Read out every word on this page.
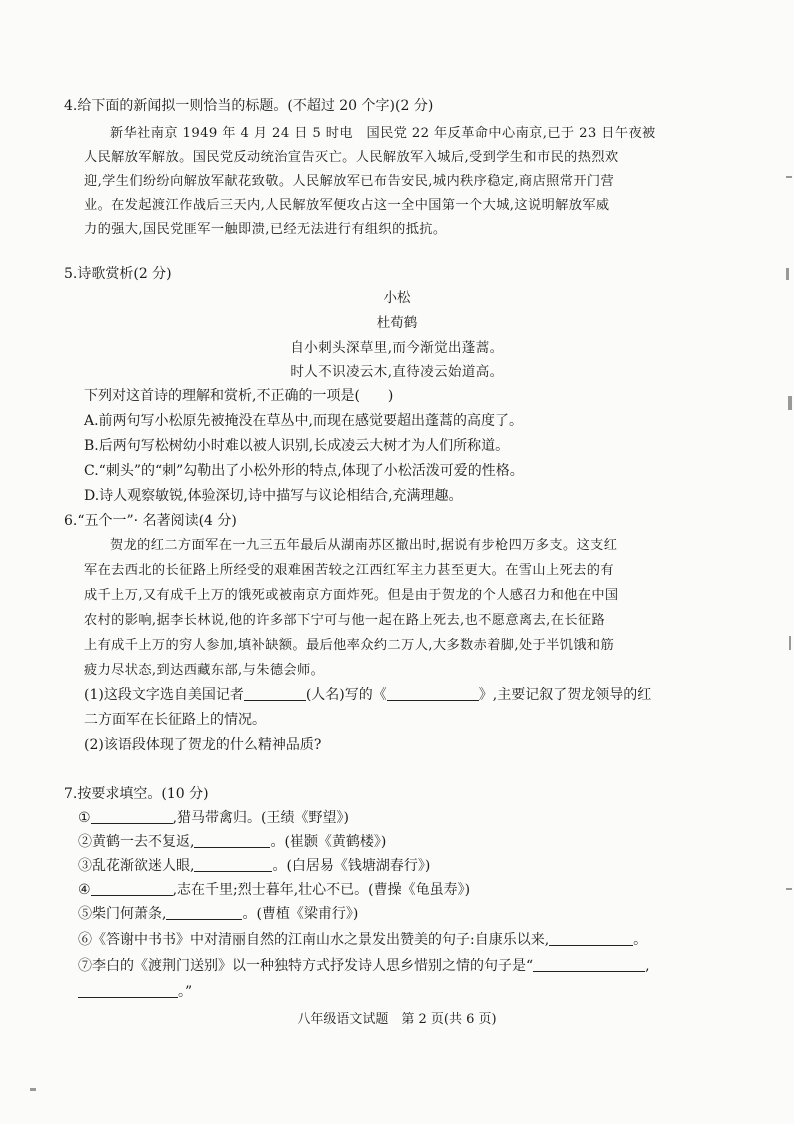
4.给下面的新闻拟一则恰当的标题。(不超过 20 个字)(2 分)
新华社南京 1949 年 4 月 24 日 5 时电　国民党 22 年反革命中心南京,已于 23 日午夜被
人民解放军解放。国民党反动统治宣告灭亡。人民解放军入城后,受到学生和市民的热烈欢
迎,学生们纷纷向解放军献花致敬。人民解放军已布告安民,城内秩序稳定,商店照常开门营
业。在发起渡江作战后三天内,人民解放军便攻占这一全中国第一个大城,这说明解放军威
力的强大,国民党匪军一触即溃,已经无法进行有组织的抵抗。
5.诗歌赏析(2 分)
小松
杜荀鹤
自小刺头深草里,而今渐觉出蓬蒿。
时人不识凌云木,直待凌云始道高。
下列对这首诗的理解和赏析,不正确的一项是(　　)
A.前两句写小松原先被掩没在草丛中,而现在感觉要超出蓬蒿的高度了。
B.后两句写松树幼小时难以被人识别,长成凌云大树才为人们所称道。
C.“刺头”的“刺”勾勒出了小松外形的特点,体现了小松活泼可爱的性格。
D.诗人观察敏锐,体验深切,诗中描写与议论相结合,充满理趣。
6.“五个一”· 名著阅读(4 分)
贺龙的红二方面军在一九三五年最后从湖南苏区撤出时,据说有步枪四万多支。这支红
军在去西北的长征路上所经受的艰难困苦较之江西红军主力甚至更大。在雪山上死去的有
成千上万,又有成千上万的饿死或被南京方面炸死。但是由于贺龙的个人感召力和他在中国
农村的影响,据李长林说,他的许多部下宁可与他一起在路上死去,也不愿意离去,在长征路
上有成千上万的穷人参加,填补缺额。最后他率众约二万人,大多数赤着脚,处于半饥饿和筋
疲力尽状态,到达西藏东部,与朱德会师。
(1)这段文字选自美国记者	(人名)写的《	》,主要记叙了贺龙领导的红
二方面军在长征路上的情况。
(2)该语段体现了贺龙的什么精神品质?
7.按要求填空。(10 分)
①	,猎马带禽归。(王绩《野望》)
②黄鹤一去不复返,	。(崔颢《黄鹤楼》)
③乱花渐欲迷人眼,	。(白居易《钱塘湖春行》)
④	,志在千里;烈士暮年,壮心不已。(曹操《龟虽寿》)
⑤柴门何萧条,	。(曹植《梁甫行》)
⑥《答谢中书书》中对清丽自然的江南山水之景发出赞美的句子:自康乐以来,	。
⑦李白的《渡荆门送别》以一种独特方式抒发诗人思乡惜别之情的句子是“	,
。”
八年级语文试题　第 2 页(共 6 页)
